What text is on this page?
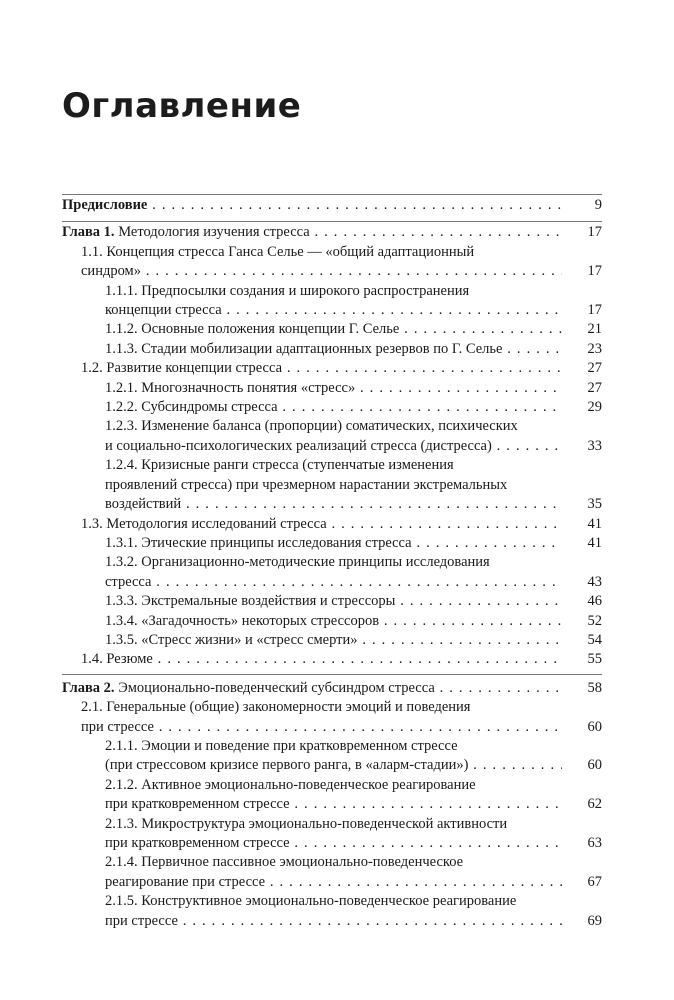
Оглавление
Предисловие . . .	9
Глава 1. Методология изучения стресса . . .	17
1.1. Концепция стресса Ганса Селье — «общий адаптационный
синдром» . . .	17
1.1.1. Предпосылки создания и широкого распространения
концепции стресса . . .	17
1.1.2. Основные положения концепции Г. Селье . . .	21
1.1.3. Стадии мобилизации адаптационных резервов по Г. Селье . . .	23
1.2. Развитие концепции стресса . . .	27
1.2.1. Многозначность понятия «стресс» . . .	27
1.2.2. Субсиндромы стресса . . .	29
1.2.3. Изменение баланса (пропорции) соматических, психических
и социально-психологических реализаций стресса (дистресса) . . .	33
1.2.4. Кризисные ранги стресса (ступенчатые изменения
проявлений стресса) при чрезмерном нарастании экстремальных
воздействий . . .	35
1.3. Методология исследований стресса . . .	41
1.3.1. Этические принципы исследования стресса . . .	41
1.3.2. Организационно-методические принципы исследования
стресса . . .	43
1.3.3. Экстремальные воздействия и стрессоры . . .	46
1.3.4. «Загадочность» некоторых стрессоров . . .	52
1.3.5. «Стресс жизни» и «стресс смерти» . . .	54
1.4. Резюме . . .	55
Глава 2. Эмоционально-поведенческий субсиндром стресса . . .	58
2.1. Генеральные (общие) закономерности эмоций и поведения
при стрессе . . .	60
2.1.1. Эмоции и поведение при кратковременном стрессе
(при стрессовом кризисе первого ранга, в «аларм-стадии») . . .	60
2.1.2. Активное эмоционально-поведенческое реагирование
при кратковременном стрессе . . .	62
2.1.3. Микроструктура эмоционально-поведенческой активности
при кратковременном стрессе . . .	63
2.1.4. Первичное пассивное эмоционально-поведенческое
реагирование при стрессе . . .	67
2.1.5. Конструктивное эмоционально-поведенческое реагирование
при стрессе . . .	69
